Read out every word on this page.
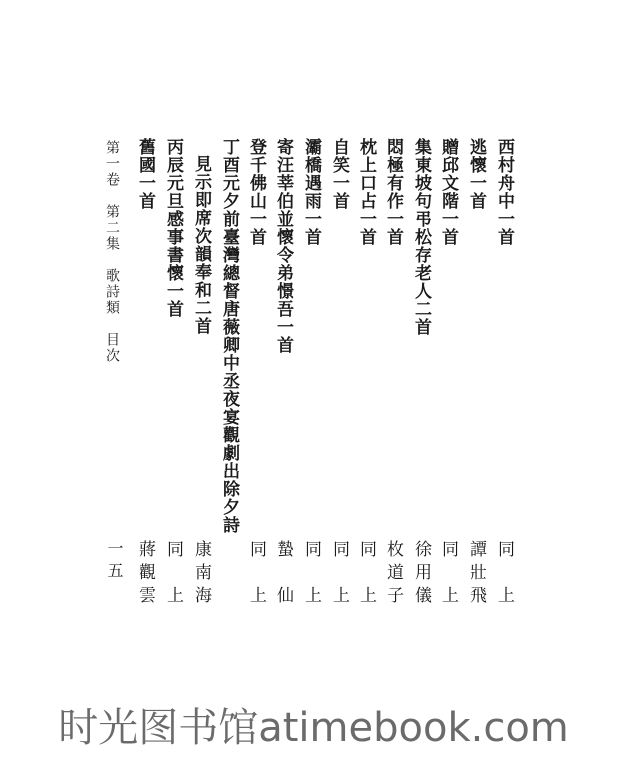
西村舟中一首
同　上
逃懷一首
譚壯飛
贈邱文階一首
同　上
集東坡句弔松存老人二首
徐用儀
悶極有作一首
枚道子
枕上口占一首
同　上
自笑一首
同　上
灞橋遇雨一首
同　上
寄汪莘伯並懷令弟憬吾一首
蟄　仙
登千佛山一首
同　上
丁酉元夕前臺灣總督唐薇卿中丞夜宴觀劇出除夕詩
見示即席次韻奉和二首
康南海
丙辰元旦感事書懷一首
同　上
舊國一首
蔣觀雲
第一卷　第二集　歌詩類　目次
一五
时光图书馆atimebook.com
